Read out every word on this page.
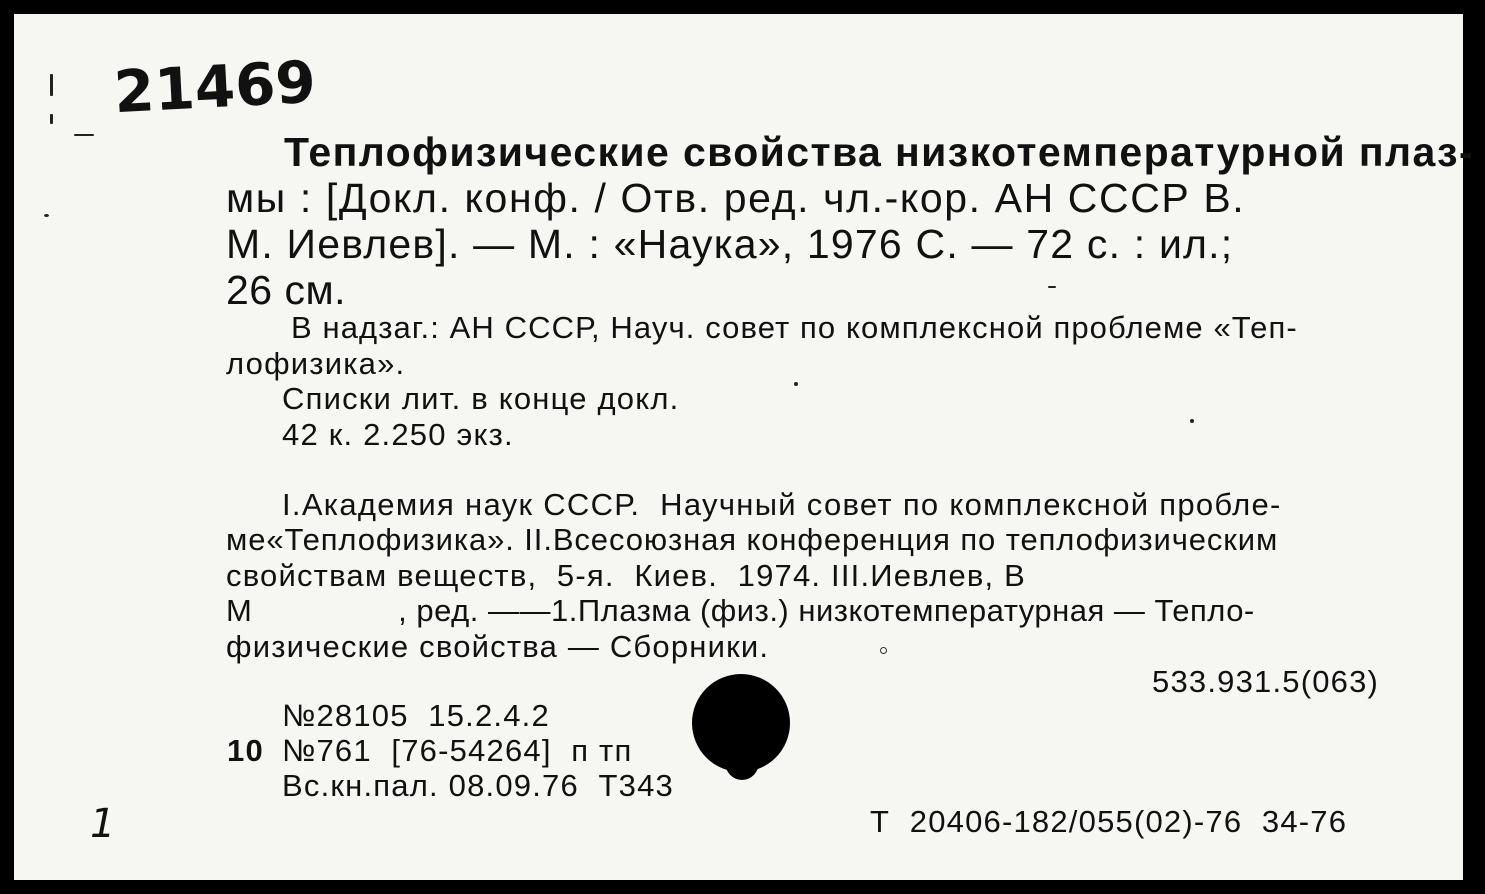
21469
Теплофизические свойства низкотемпературной плаз-
мы : [Докл. конф. / Отв. ред. чл.-кор. АН СССР В.
М. Иевлев]. — М. : «Наука», 1976 С. — 72 с. : ил.;
26 см.
В надзаг.: АН СССР, Науч. совет по комплексной проблеме «Теп-
лофизика».
Списки лит. в конце докл.
42 к. 2.250 экз.
I.Академия наук СССР.  Научный совет по комплексной пробле-
ме«Теплофизика». II.Всесоюзная конференция по теплофизическим
свойствам веществ,  5-я.  Киев.  1974. III.Иевлев, В
М                , ред. ——1.Плазма (физ.) низкотемпературная — Тепло-
физические свойства — Сборники.
533.931.5(063)
№28105  15.2.4.2
10 №761  [76-54264]  п тп
Вс.кн.пал. 08.09.76  Т343
Т  20406-182/055(02)-76  34-76
1
